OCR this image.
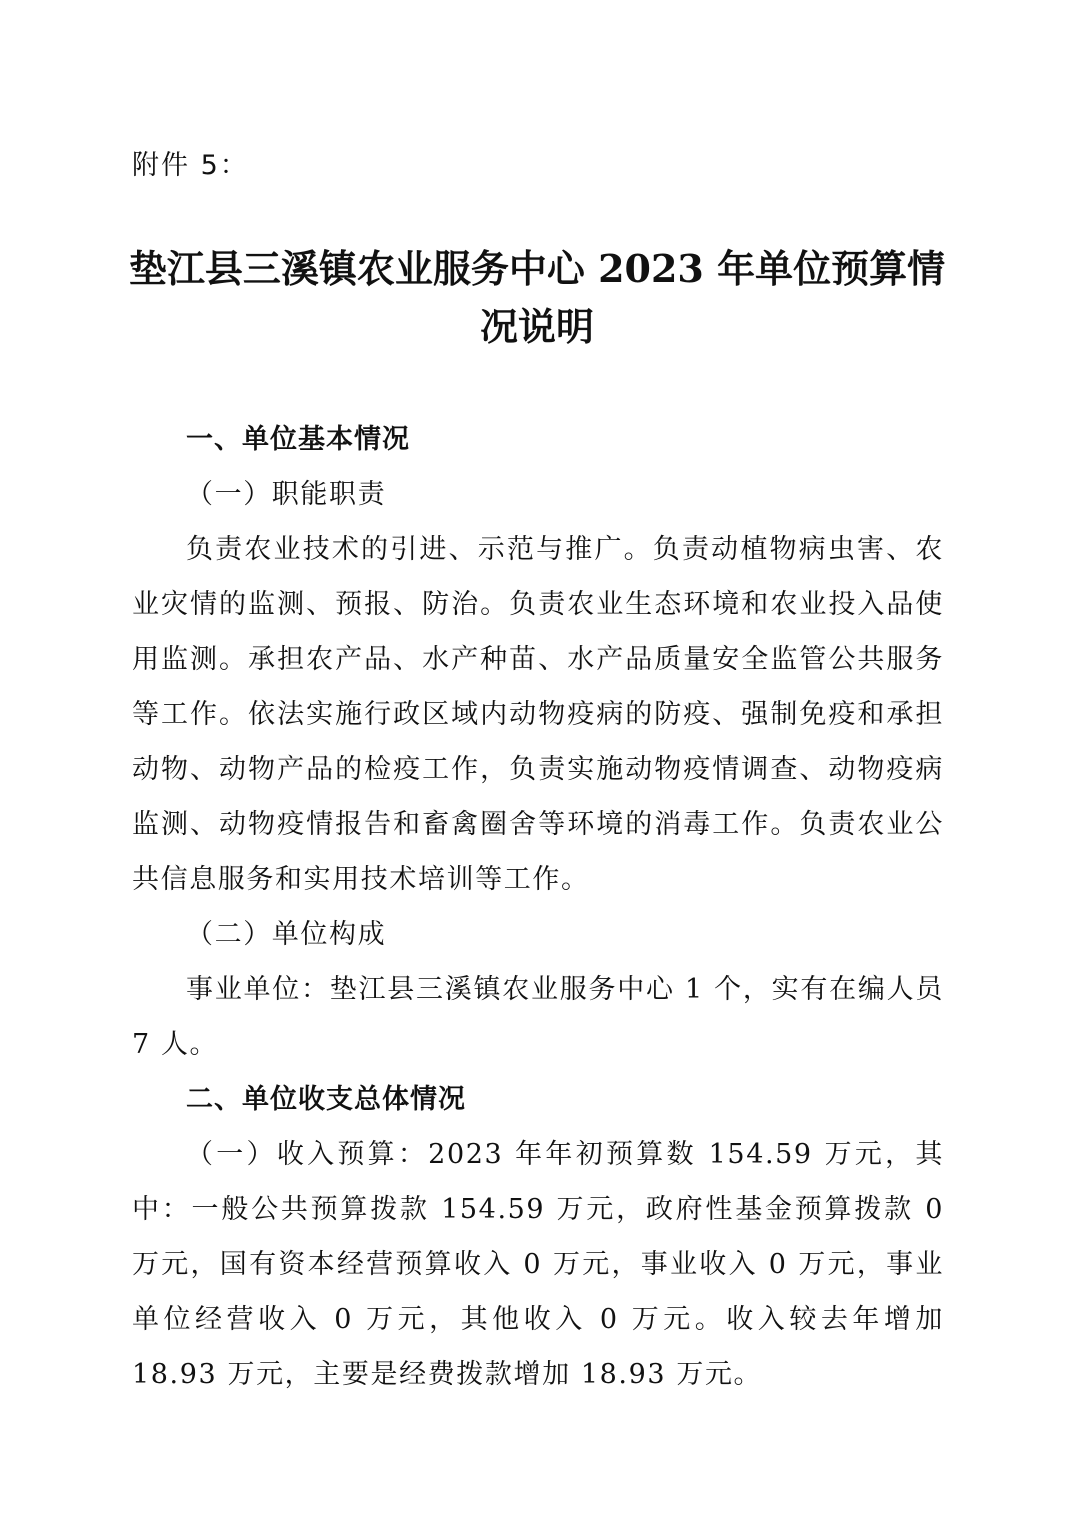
附件 5：
垫江县三溪镇农业服务中心 2023 年单位预算情
况说明

一、单位基本情况

（一）职能职责

负责农业技术的引进、示范与推广。负责动植物病虫害、农业灾情的监测、预报、防治。负责农业生态环境和农业投入品使用监测。承担农产品、水产种苗、水产品质量安全监管公共服务等工作。依法实施行政区域内动物疫病的防疫、强制免疫和承担动物、动物产品的检疫工作，负责实施动物疫情调查、动物疫病监测、动物疫情报告和畜禽圈舍等环境的消毒工作。负责农业公共信息服务和实用技术培训等工作。

（二）单位构成

事业单位：垫江县三溪镇农业服务中心 1 个，实有在编人员 7 人。

二、单位收支总体情况

（一）收入预算：2023 年年初预算数 154.59 万元，其中：一般公共预算拨款 154.59 万元，政府性基金预算拨款 0 万元，国有资本经营预算收入 0 万元，事业收入 0 万元，事业单位经营收入 0 万元，其他收入 0 万元。收入较去年增加 18.93 万元，主要是经费拨款增加 18.93 万元。
